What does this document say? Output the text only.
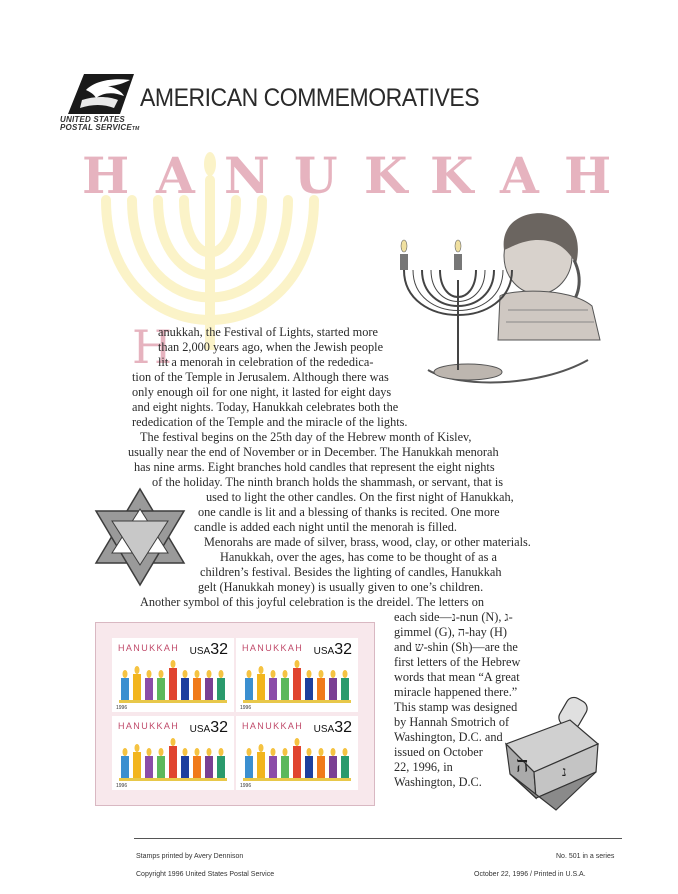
UNITED STATES
POSTAL SERVICETM
AMERICAN COMMEMORATIVES
H A N U K K A H
H
anukkah, the Festival of Lights, started more
than 2,000 years ago, when the Jewish people
lit a menorah in celebration of the rededica-
tion of the Temple in Jerusalem. Although there was
only enough oil for one night, it lasted for eight days
and eight nights. Today, Hanukkah celebrates both the
rededication of the Temple and the miracle of the lights.
The festival begins on the 25th day of the Hebrew month of Kislev,
usually near the end of November or in December. The Hanukkah menorah
has nine arms. Eight branches hold candles that represent the eight nights
of the holiday. The ninth branch holds the shammash, or servant, that is
used to light the other candles. On the first night of Hanukkah,
one candle is lit and a blessing of thanks is recited. One more
candle is added each night until the menorah is filled.
Menorahs are made of silver, brass, wood, clay, or other materials.
Hanukkah, over the ages, has come to be thought of as a
children’s festival. Besides the lighting of candles, Hanukkah
gelt (Hanukkah money) is usually given to one’s children.
Another symbol of this joyful celebration is the dreidel. The letters on
each side—נ-nun (N), ג-
gimmel (G), ה-hay (H)
and ש-shin (Sh)—are the
first letters of the Hebrew
words that mean “A great
miracle happened there.”
This stamp was designed
by Hannah Smotrich of
Washington, D.C. and
issued on October
22, 1996, in
Washington, D.C.
HANUKKAH USA32
1996
HANUKKAH USA32
1996
HANUKKAH USA32
1996
HANUKKAH USA32
1996
ה נ
Stamps printed by Avery Dennison
Copyright 1996 United States Postal Service
No. 501 in a series
October 22, 1996 / Printed in U.S.A.
